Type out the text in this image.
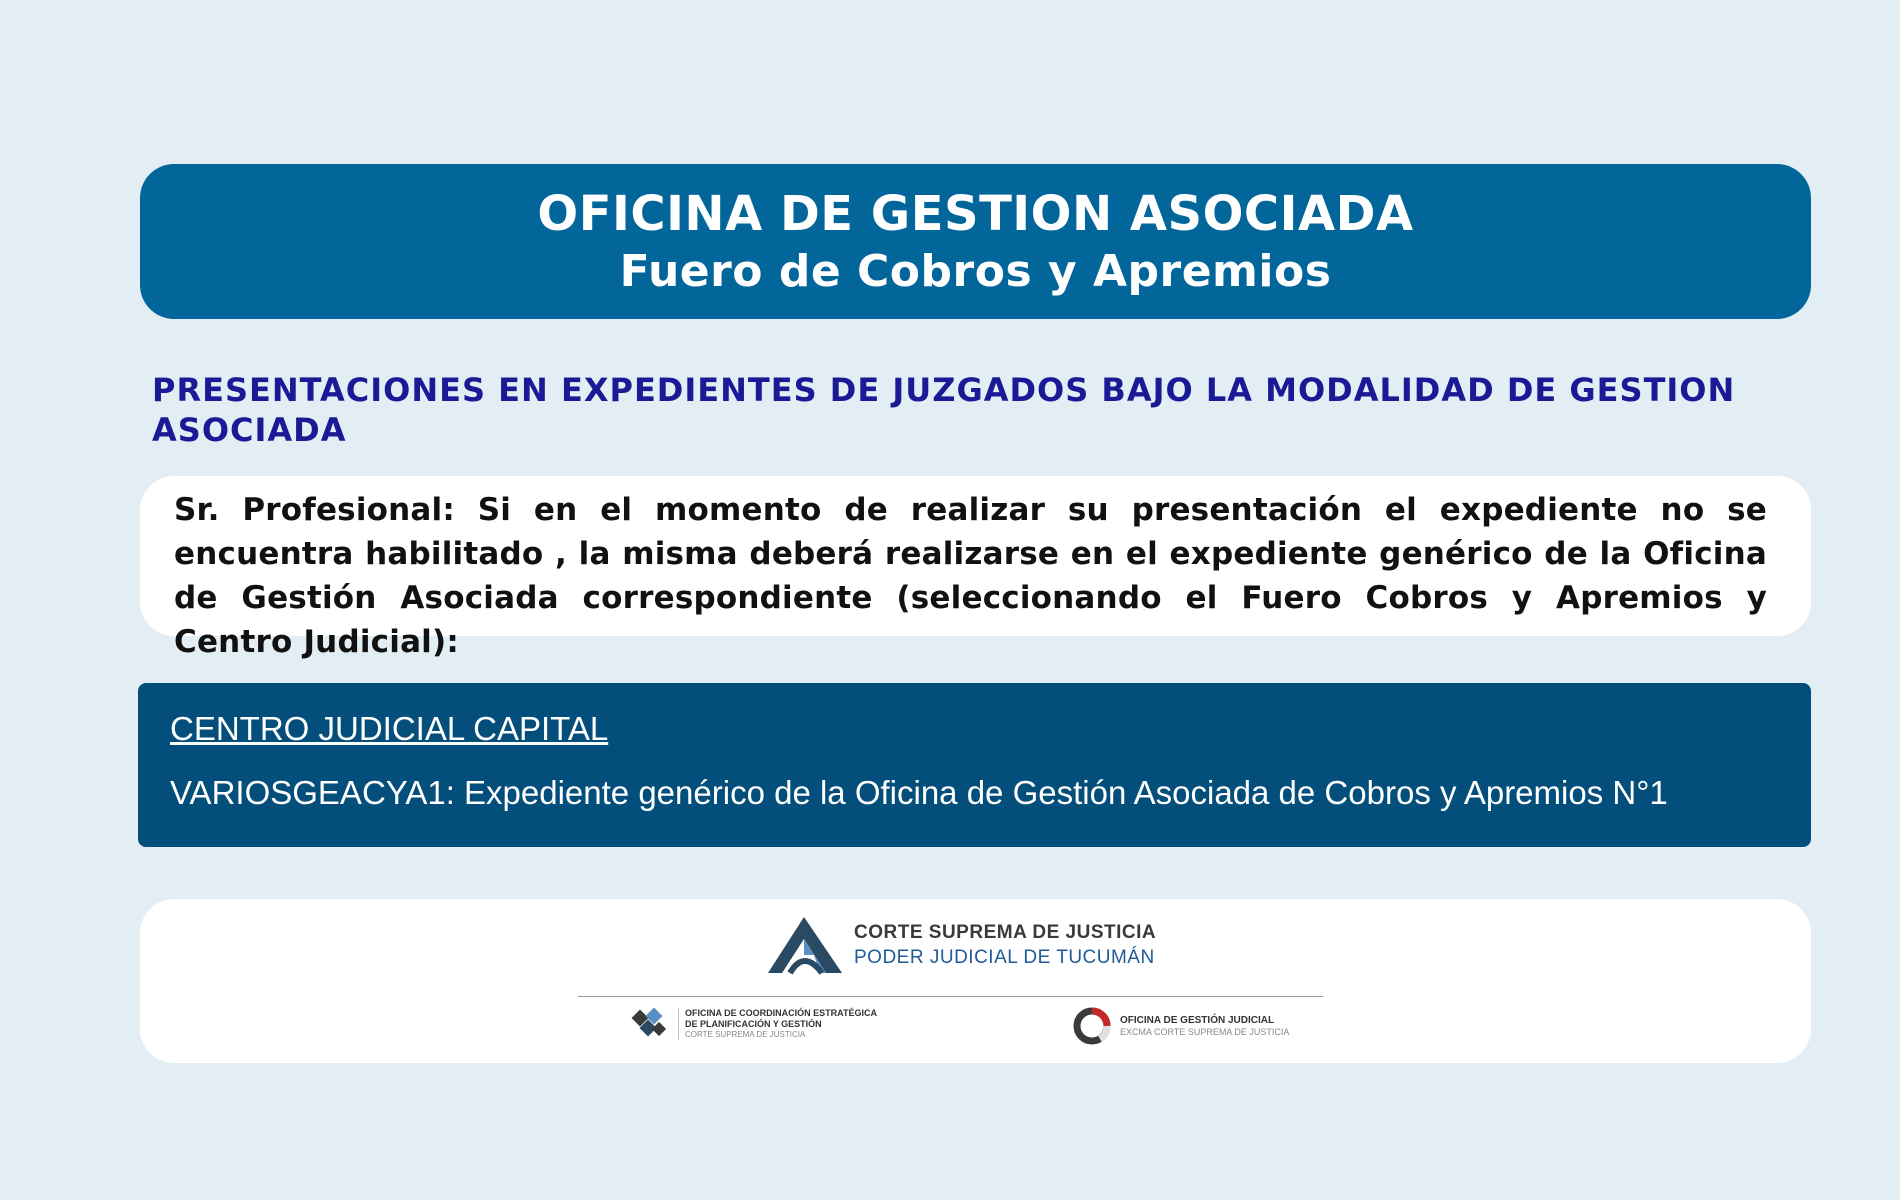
OFICINA DE GESTION ASOCIADA
Fuero de Cobros y Apremios
PRESENTACIONES EN EXPEDIENTES DE JUZGADOS BAJO LA MODALIDAD DE GESTION ASOCIADA

Sr. Profesional: Si en el momento de realizar su presentación el expediente no se encuentra habilitado , la misma deberá realizarse en el expediente genérico de la Oficina de Gestión Asociada correspondiente (seleccionando el Fuero Cobros y Apremios y Centro Judicial):

CENTRO JUDICIAL CAPITAL
VARIOSGEACYA1: Expediente genérico de la Oficina de Gestión Asociada de Cobros y Apremios N°1
CORTE SUPREMA DE JUSTICIA
PODER JUDICIAL DE TUCUMÁN
OFICINA DE COORDINACIÓN ESTRATÉGICA
DE PLANIFICACIÓN Y GESTIÓN
CORTE SUPREMA DE JUSTICIA
OFICINA DE GESTIÓN JUDICIAL
EXCMA CORTE SUPREMA DE JUSTICIA
